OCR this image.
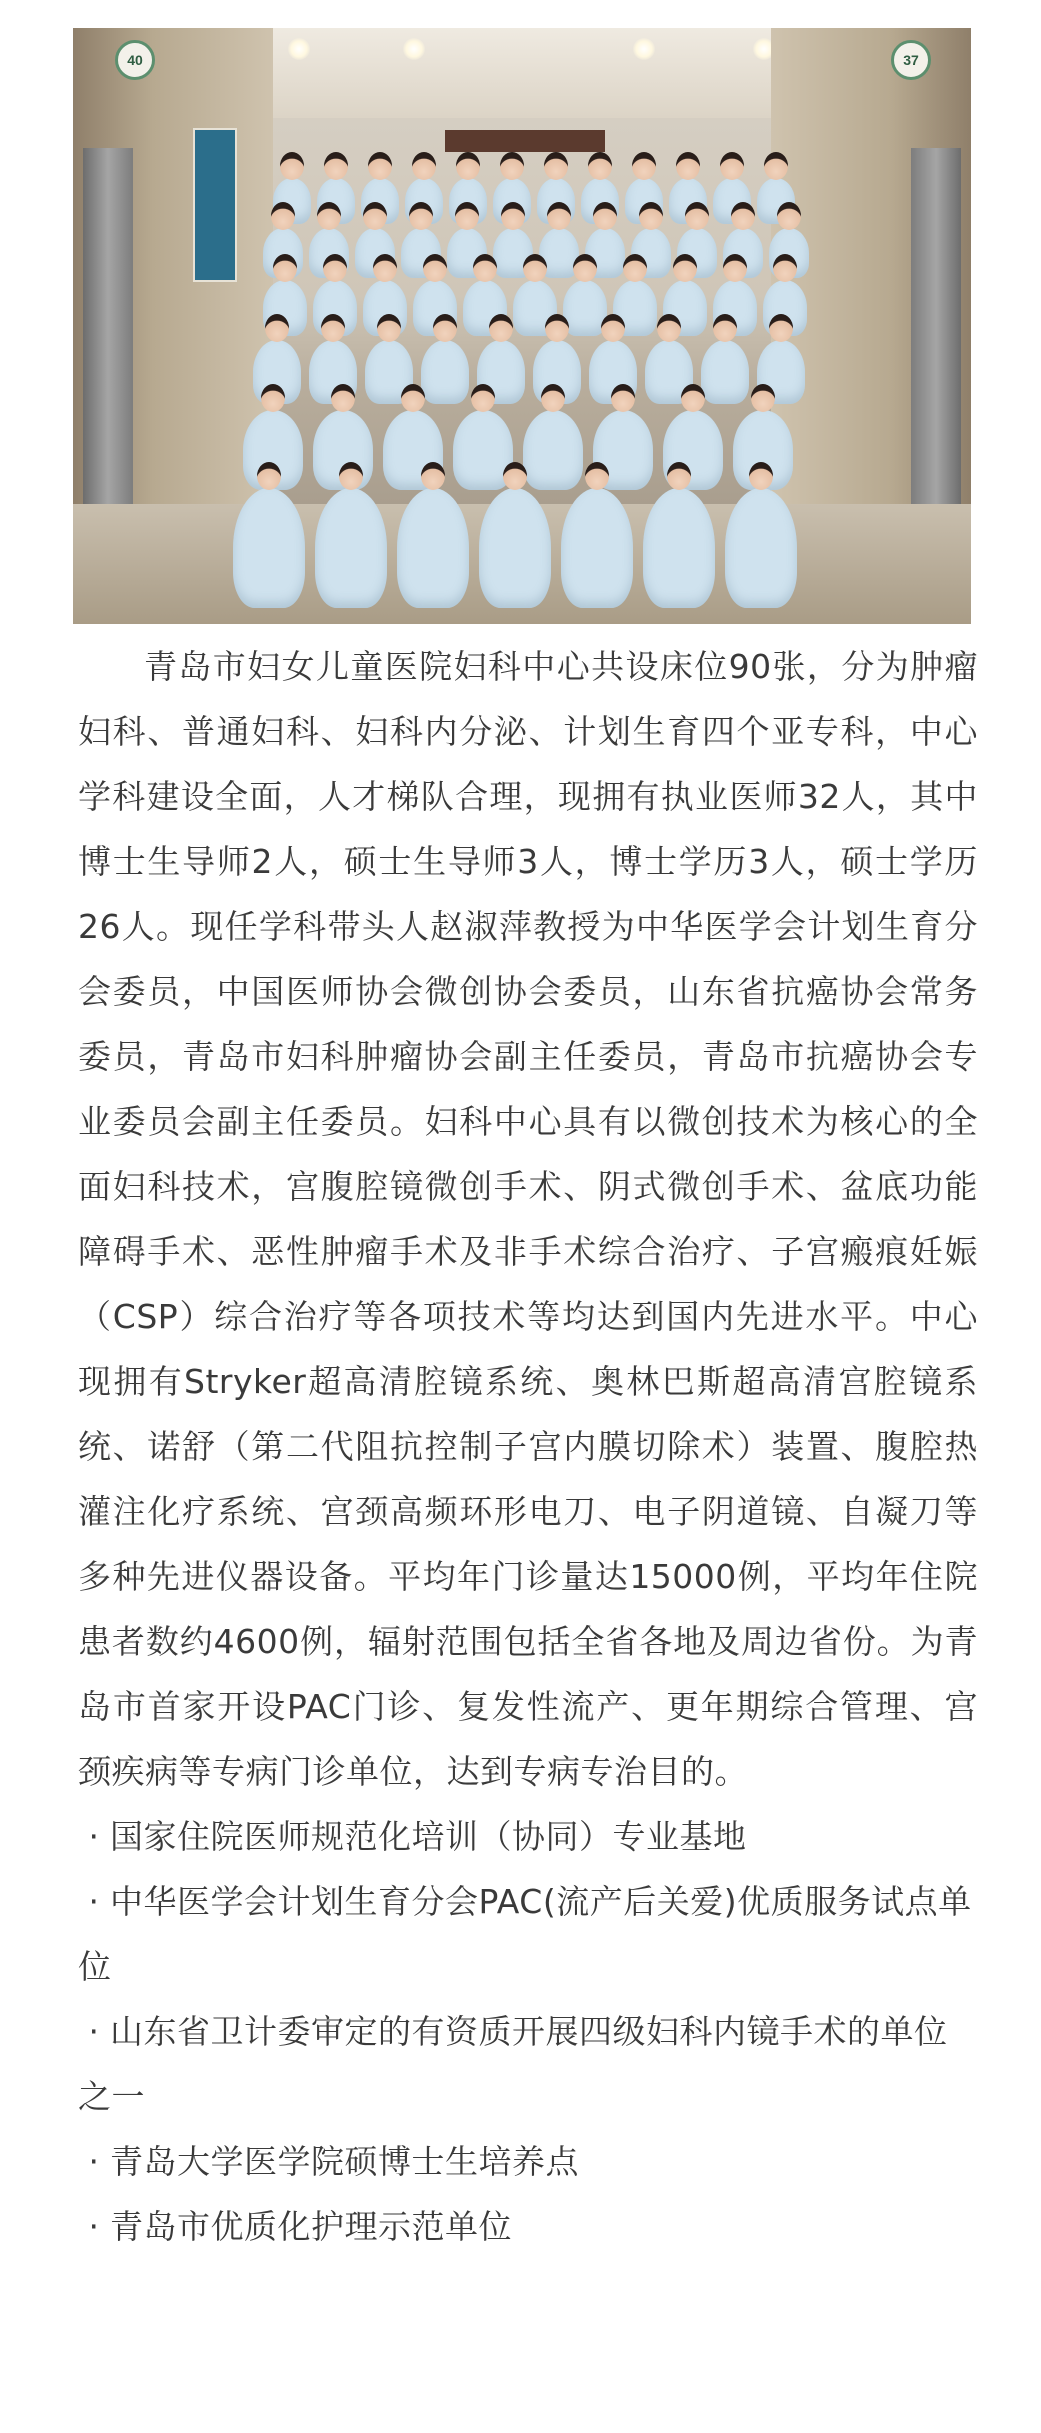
40	37

青岛市妇女儿童医院妇科中心共设床位90张，分为肿瘤妇科、普通妇科、妇科内分泌、计划生育四个亚专科，中心学科建设全面，人才梯队合理，现拥有执业医师32人，其中博士生导师2人，硕士生导师3人，博士学历3人，硕士学历26人。现任学科带头人赵淑萍教授为中华医学会计划生育分会委员，中国医师协会微创协会委员，山东省抗癌协会常务委员，青岛市妇科肿瘤协会副主任委员，青岛市抗癌协会专业委员会副主任委员。妇科中心具有以微创技术为核心的全面妇科技术，宫腹腔镜微创手术、阴式微创手术、盆底功能障碍手术、恶性肿瘤手术及非手术综合治疗、子宫瘢痕妊娠（CSP）综合治疗等各项技术等均达到国内先进水平。中心现拥有Stryker超高清腔镜系统、奥林巴斯超高清宫腔镜系统、诺舒（第二代阻抗控制子宫内膜切除术）装置、腹腔热灌注化疗系统、宫颈高频环形电刀、电子阴道镜、自凝刀等多种先进仪器设备。平均年门诊量达15000例，平均年住院患者数约4600例，辐射范围包括全省各地及周边省份。为青岛市首家开设PAC门诊、复发性流产、更年期综合管理、宫颈疾病等专病门诊单位，达到专病专治目的。

· 国家住院医师规范化培训（协同）专业基地
· 中华医学会计划生育分会PAC(流产后关爱)优质服务试点单位
· 山东省卫计委审定的有资质开展四级妇科内镜手术的单位之一
· 青岛大学医学院硕博士生培养点
· 青岛市优质化护理示范单位
